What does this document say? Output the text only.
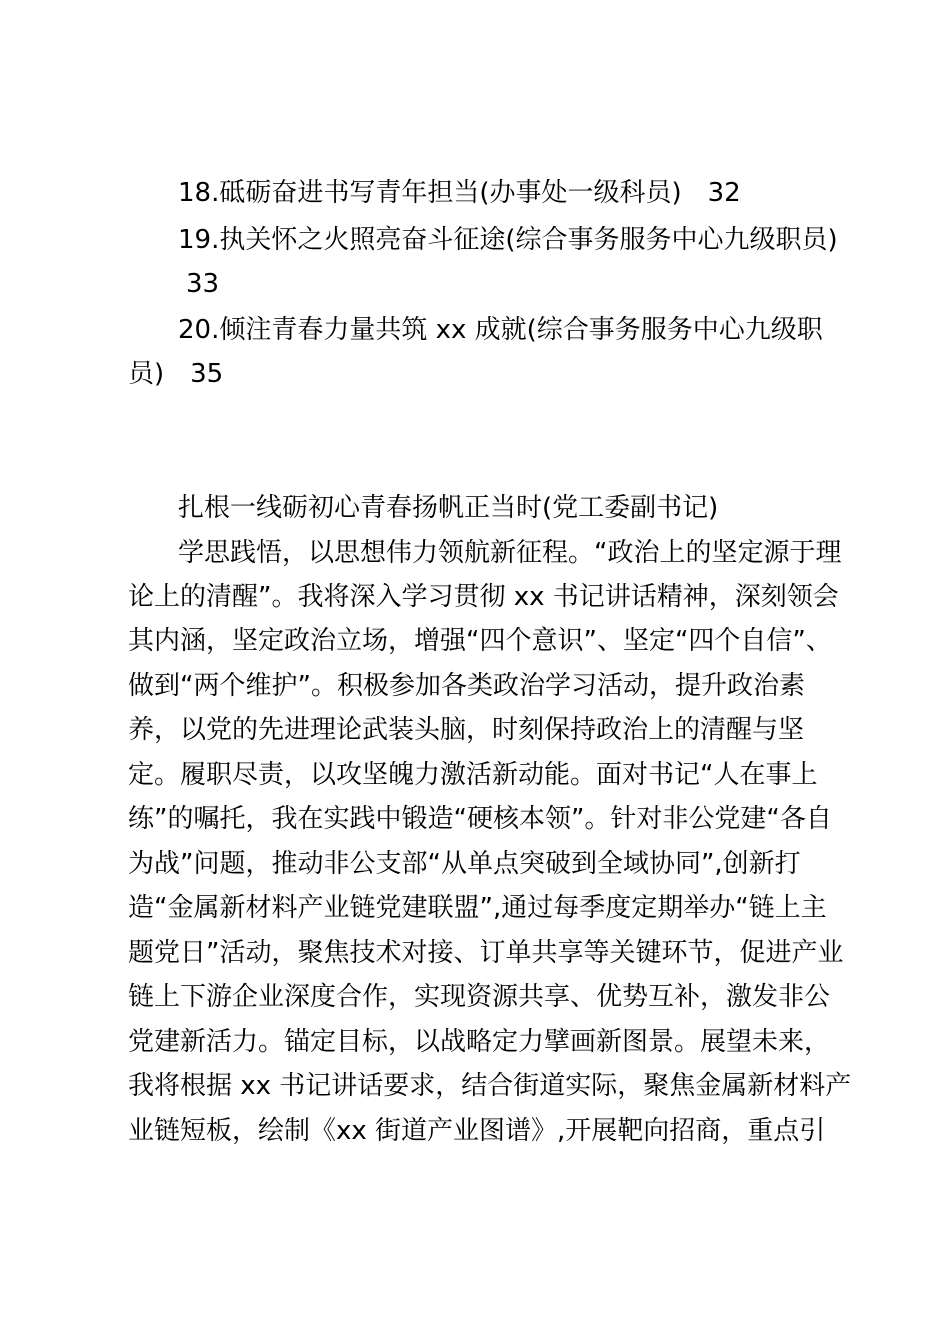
18.砥砺奋进书写青年担当(办事处一级科员)　32
19.执关怀之火照亮奋斗征途(综合事务服务中心九级职员)
33
20.倾注青春力量共筑 xx 成就(综合事务服务中心九级职
员)　35
扎根一线砺初心青春扬帆正当时(党工委副书记)
学思践悟，以思想伟力领航新征程。“政治上的坚定源于理
论上的清醒”。我将深入学习贯彻 xx 书记讲话精神，深刻领会
其内涵，坚定政治立场，增强“四个意识”、坚定“四个自信”、
做到“两个维护”。积极参加各类政治学习活动，提升政治素
养，以党的先进理论武装头脑，时刻保持政治上的清醒与坚
定。履职尽责，以攻坚魄力激活新动能。面对书记“人在事上
练”的嘱托，我在实践中锻造“硬核本领”。针对非公党建“各自
为战”问题，推动非公支部“从单点突破到全域协同”,创新打
造“金属新材料产业链党建联盟”,通过每季度定期举办“链上主
题党日”活动，聚焦技术对接、订单共享等关键环节，促进产业
链上下游企业深度合作，实现资源共享、优势互补，激发非公
党建新活力。锚定目标，以战略定力擘画新图景。展望未来，
我将根据 xx 书记讲话要求，结合街道实际，聚焦金属新材料产
业链短板，绘制《xx 街道产业图谱》,开展靶向招商，重点引
